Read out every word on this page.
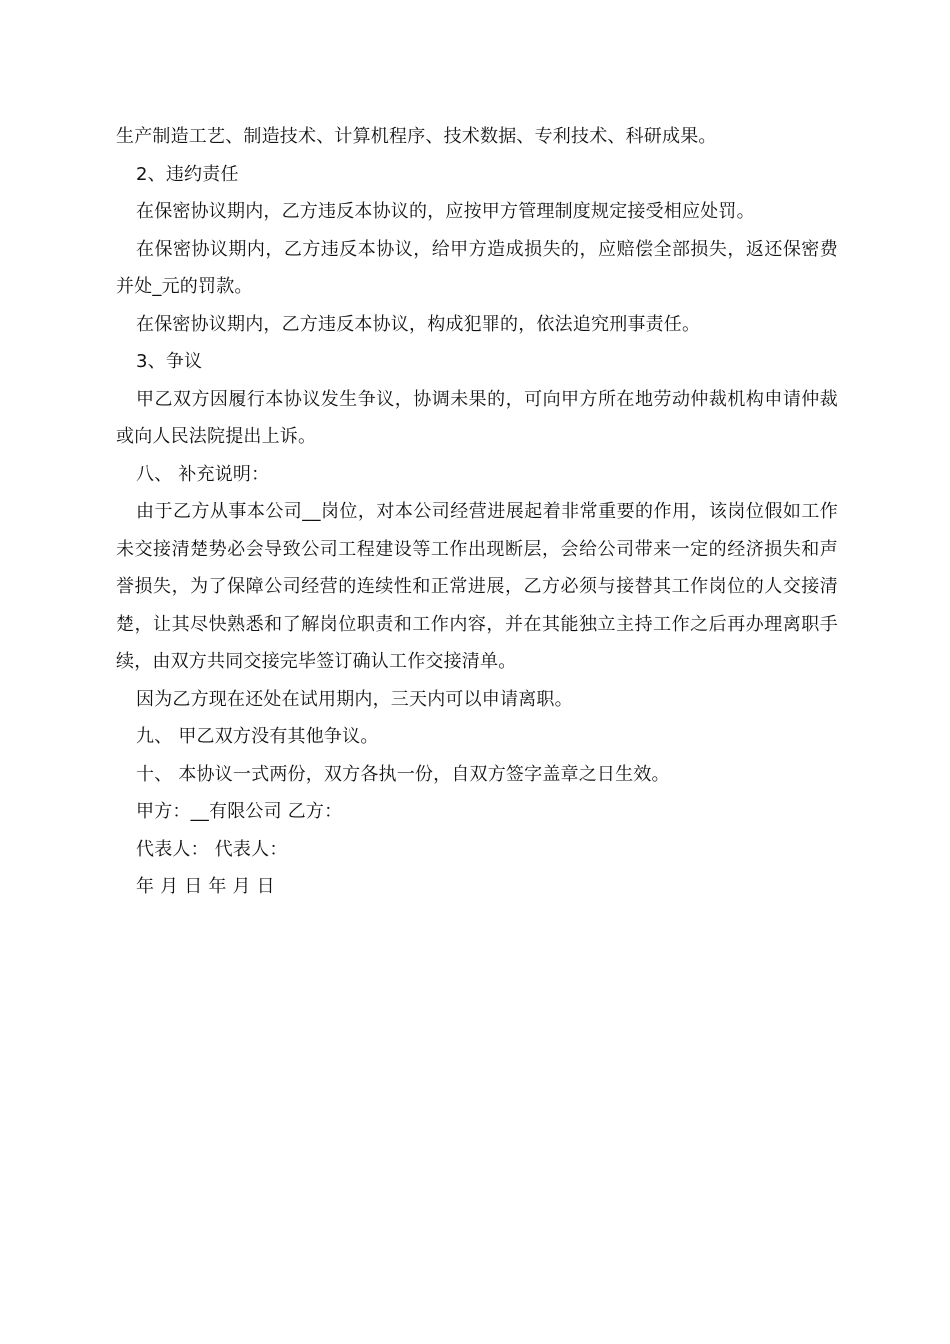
生产制造工艺、制造技术、计算机程序、技术数据、专利技术、科研成果。

2、违约责任

在保密协议期内，乙方违反本协议的，应按甲方管理制度规定接受相应处罚。

在保密协议期内，乙方违反本协议，给甲方造成损失的，应赔偿全部损失，返还保密费并处_元的罚款。

在保密协议期内，乙方违反本协议，构成犯罪的，依法追究刑事责任。

3、争议

甲乙双方因履行本协议发生争议，协调未果的，可向甲方所在地劳动仲裁机构申请仲裁或向人民法院提出上诉。

八、 补充说明：

由于乙方从事本公司__岗位，对本公司经营进展起着非常重要的作用，该岗位假如工作未交接清楚势必会导致公司工程建设等工作出现断层，会给公司带来一定的经济损失和声誉损失，为了保障公司经营的连续性和正常进展，乙方必须与接替其工作岗位的人交接清楚，让其尽快熟悉和了解岗位职责和工作内容，并在其能独立主持工作之后再办理离职手续，由双方共同交接完毕签订确认工作交接清单。

因为乙方现在还处在试用期内，三天内可以申请离职。

九、 甲乙双方没有其他争议。

十、 本协议一式两份，双方各执一份，自双方签字盖章之日生效。

甲方：__有限公司 乙方：

代表人： 代表人：

年 月 日 年 月 日
